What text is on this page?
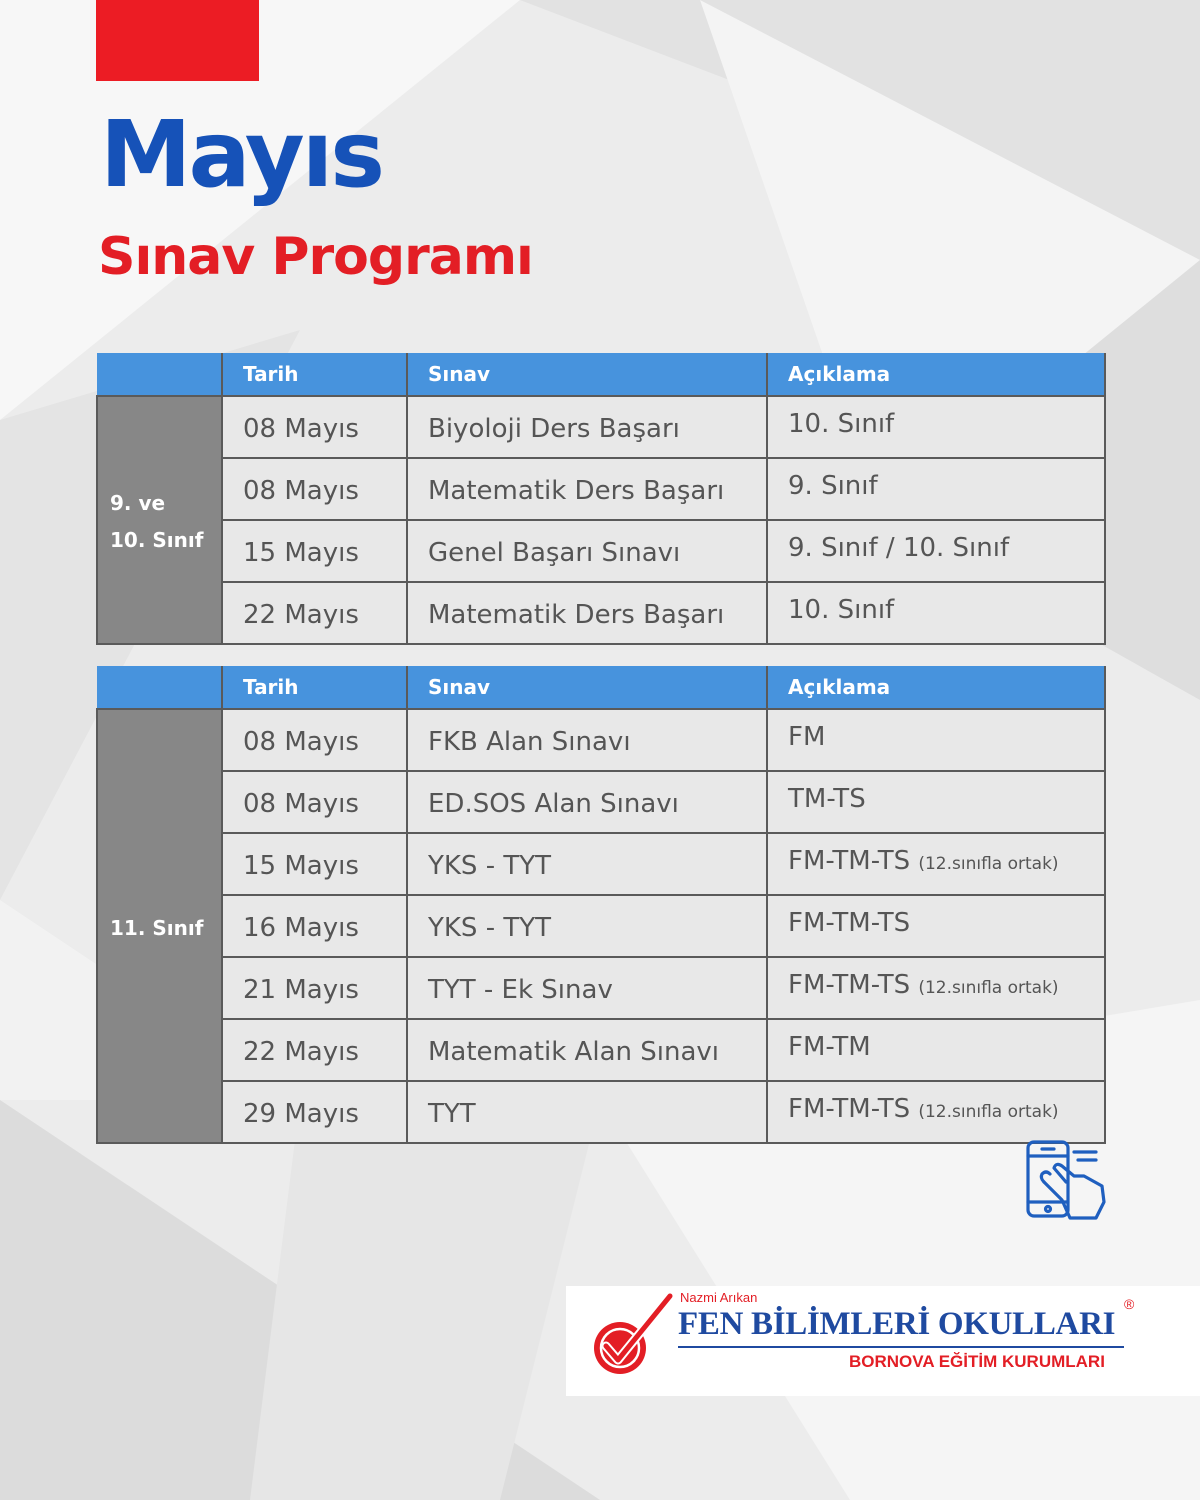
Mayıs
Sınav Programı
	Tarih	Sınav	Açıklama
9. ve
10. Sınıf	08 Mayıs	Biyoloji Ders Başarı	10. Sınıf
	08 Mayıs	Matematik Ders Başarı	9. Sınıf
	15 Mayıs	Genel Başarı Sınavı	9. Sınıf / 10. Sınıf
	22 Mayıs	Matematik Ders Başarı	10. Sınıf
	Tarih	Sınav	Açıklama
11. Sınıf	08 Mayıs	FKB Alan Sınavı	FM
	08 Mayıs	ED.SOS Alan Sınavı	TM-TS
	15 Mayıs	YKS - TYT	FM-TM-TS (12.sınıfla ortak)
	16 Mayıs	YKS - TYT	FM-TM-TS
	21 Mayıs	TYT - Ek Sınav	FM-TM-TS (12.sınıfla ortak)
	22 Mayıs	Matematik Alan Sınavı	FM-TM
	29 Mayıs	TYT	FM-TM-TS (12.sınıfla ortak)
Nazmi Arıkan
FEN BİLİMLERİ OKULLARI
®
BORNOVA EĞİTİM KURUMLARI
